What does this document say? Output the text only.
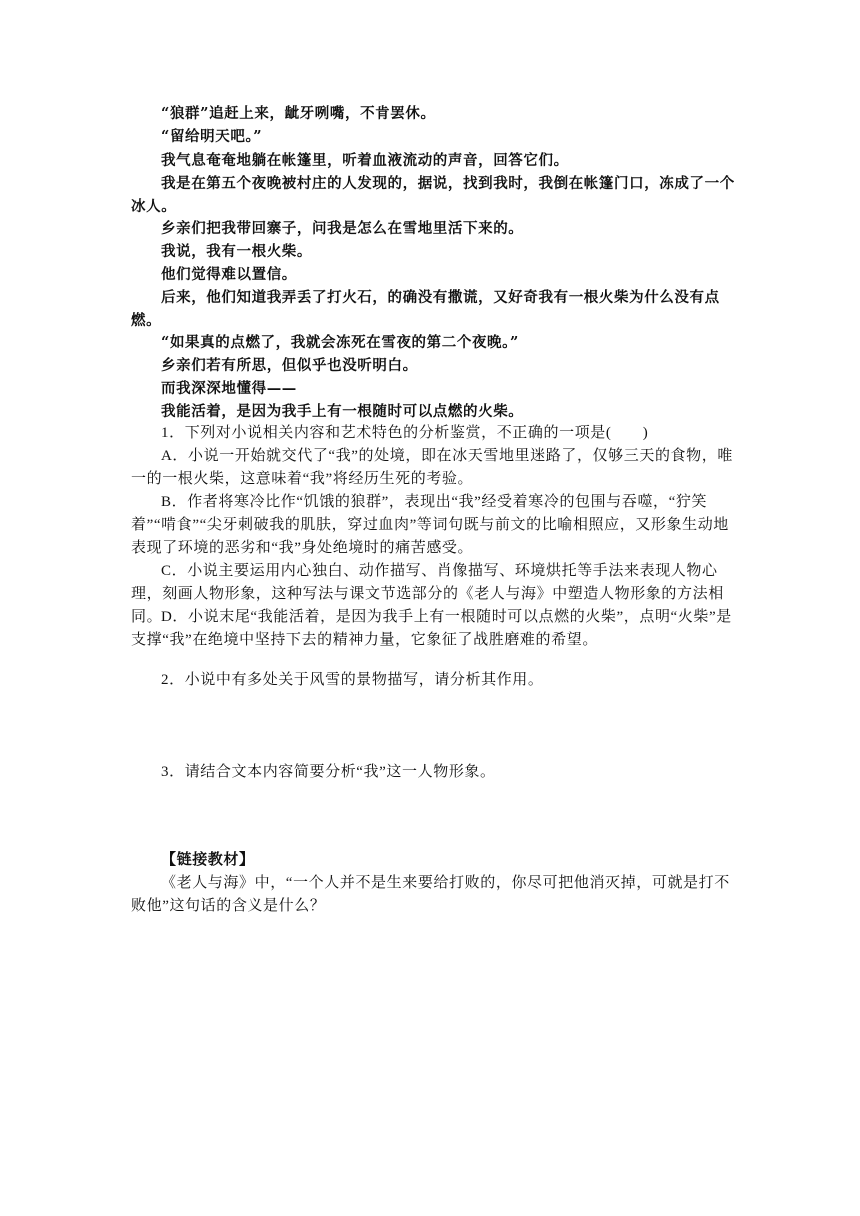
“狼群”追赶上来，龇牙咧嘴，不肯罢休。

“留给明天吧。”

我气息奄奄地躺在帐篷里，听着血液流动的声音，回答它们。

我是在第五个夜晚被村庄的人发现的，据说，找到我时，我倒在帐篷门口，冻成了一个冰人。

乡亲们把我带回寨子，问我是怎么在雪地里活下来的。

我说，我有一根火柴。

他们觉得难以置信。

后来，他们知道我弄丢了打火石，的确没有撒谎，又好奇我有一根火柴为什么没有点燃。

“如果真的点燃了，我就会冻死在雪夜的第二个夜晚。”

乡亲们若有所思，但似乎也没听明白。

而我深深地懂得——

我能活着，是因为我手上有一根随时可以点燃的火柴。

1．下列对小说相关内容和艺术特色的分析鉴赏，不正确的一项是(　　)

A．小说一开始就交代了“我”的处境，即在冰天雪地里迷路了，仅够三天的食物，唯一的一根火柴，这意味着“我”将经历生死的考验。

B．作者将寒冷比作“饥饿的狼群”，表现出“我”经受着寒冷的包围与吞噬，“狞笑着”“啃食”“尖牙刺破我的肌肤，穿过血肉”等词句既与前文的比喻相照应，又形象生动地表现了环境的恶劣和“我”身处绝境时的痛苦感受。

C．小说主要运用内心独白、动作描写、肖像描写、环境烘托等手法来表现人物心理，刻画人物形象，这种写法与课文节选部分的《老人与海》中塑造人物形象的方法相同。

D．小说末尾“我能活着，是因为我手上有一根随时可以点燃的火柴”，点明“火柴”是支撑“我”在绝境中坚持下去的精神力量，它象征了战胜磨难的希望。

2．小说中有多处关于风雪的景物描写，请分析其作用。

3．请结合文本内容简要分析“我”这一人物形象。

【链接教材】

《老人与海》中，“一个人并不是生来要给打败的，你尽可把他消灭掉，可就是打不败他”这句话的含义是什么？
